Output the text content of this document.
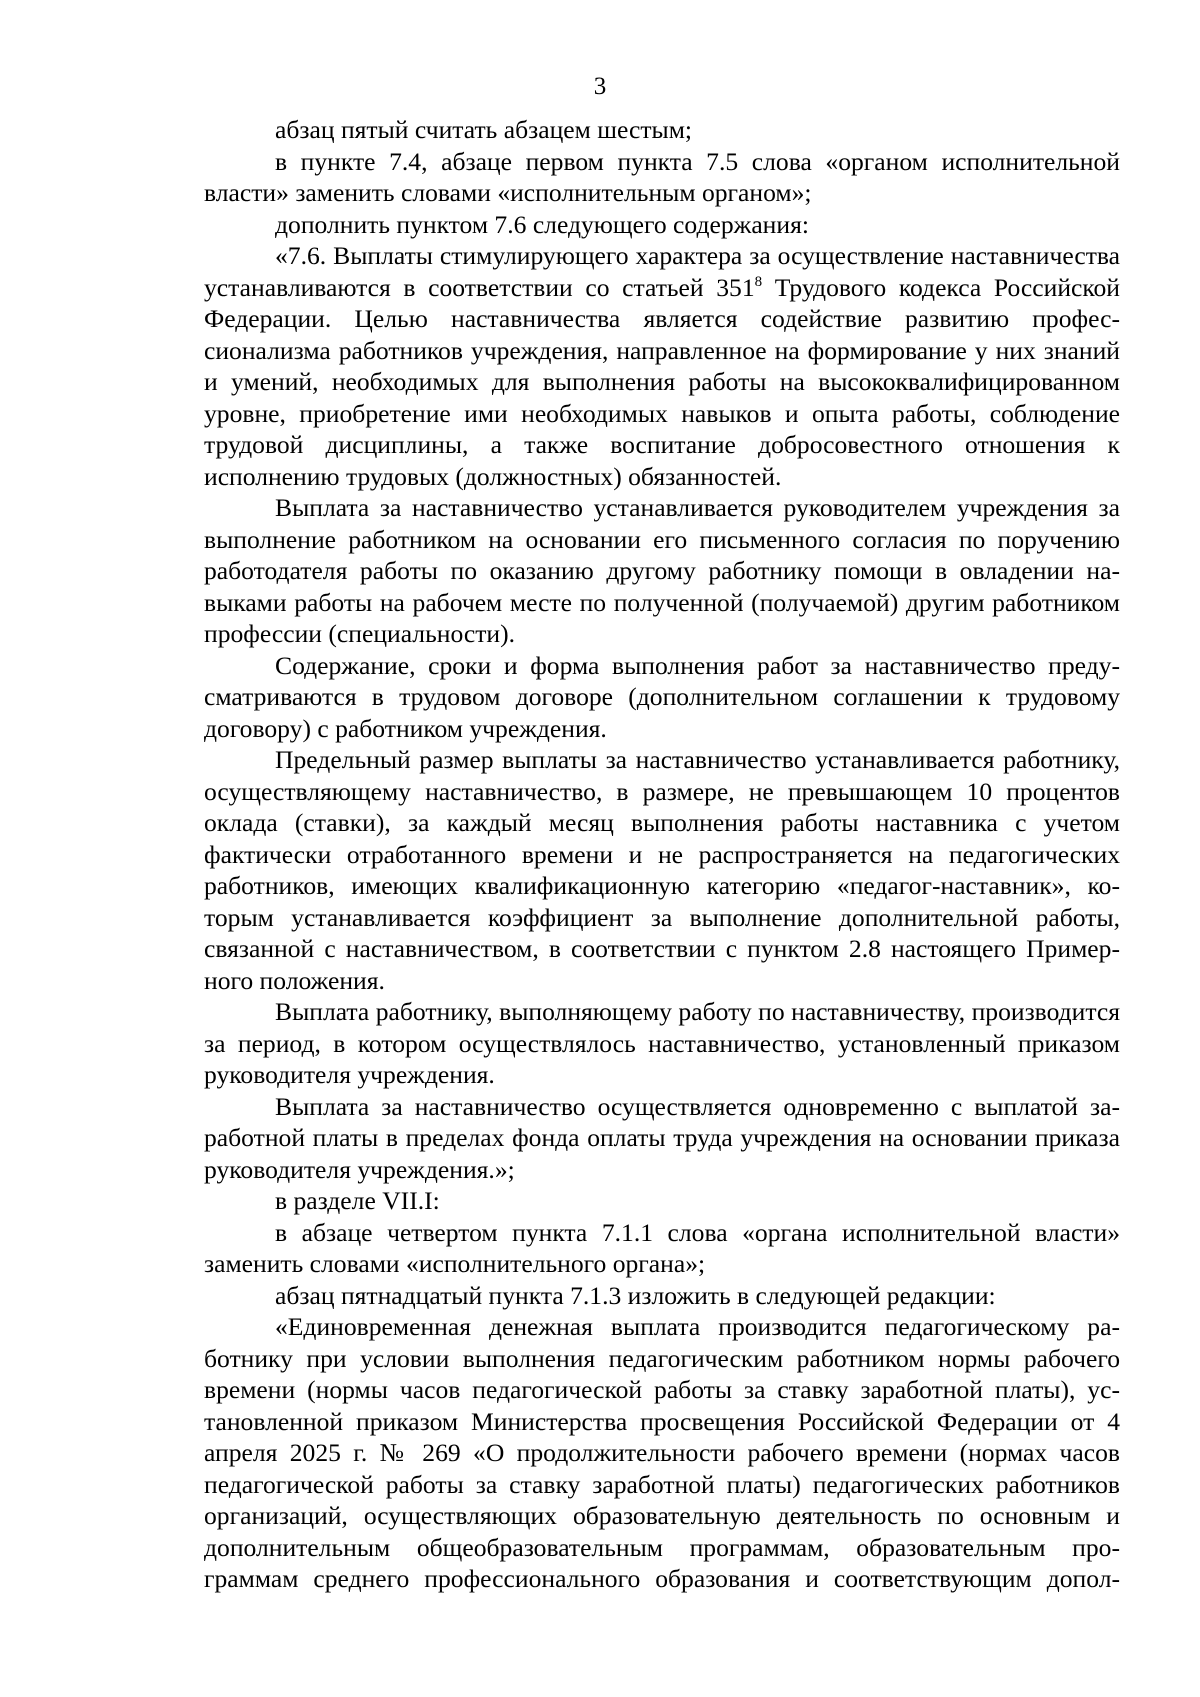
3

абзац пятый считать абзацем шестым;

в пункте 7.4, абзаце первом пункта 7.5 слова «органом исполнительной власти» заменить словами «исполнительным органом»;

дополнить пунктом 7.6 следующего содержания:

«7.6. Выплаты стимулирующего характера за осуществление наставничества устанавливаются в соответствии со статьей $351^8$ Трудового кодекса Российской Федерации. Целью наставничества является содействие развитию профессионализма работников учреждения, направленное на формирование у них знаний и умений, необходимых для выполнения работы на высококвалифицированном уровне, приобретение ими необходимых навыков и опыта работы, соблюдение трудовой дисциплины, а также воспитание добросовестного отношения к исполнению трудовых (должностных) обязанностей.

Выплата за наставничество устанавливается руководителем учреждения за выполнение работником на основании его письменного согласия по поручению работодателя работы по оказанию другому работнику помощи в овладении навыками работы на рабочем месте по полученной (получаемой) другим работником профессии (специальности).

Содержание, сроки и форма выполнения работ за наставничество предусматриваются в трудовом договоре (дополнительном соглашении к трудовому договору) с работником учреждения.

Предельный размер выплаты за наставничество устанавливается работнику, осуществляющему наставничество, в размере, не превышающем 10 процентов оклада (ставки), за каждый месяц выполнения работы наставника с учетом фактически отработанного времени и не распространяется на педагогических работников, имеющих квалификационную категорию «педагог-наставник», которым устанавливается коэффициент за выполнение дополнительной работы, связанной с наставничеством, в соответствии с пунктом 2.8 настоящего Примерного положения.

Выплата работнику, выполняющему работу по наставничеству, производится за период, в котором осуществлялось наставничество, установленный приказом руководителя учреждения.

Выплата за наставничество осуществляется одновременно с выплатой заработной платы в пределах фонда оплаты труда учреждения на основании приказа руководителя учреждения.»;

в разделе VII.I:

в абзаце четвертом пункта 7.1.1 слова «органа исполнительной власти» заменить словами «исполнительного органа»;

абзац пятнадцатый пункта 7.1.3 изложить в следующей редакции:

«Единовременная денежная выплата производится педагогическому работнику при условии выполнения педагогическим работником нормы рабочего времени (нормы часов педагогической работы за ставку заработной платы), установленной приказом Министерства просвещения Российской Федерации от 4 апреля 2025 г. № 269 «О продолжительности рабочего времени (нормах часов педагогической работы за ставку заработной платы) педагогических работников организаций, осуществляющих образовательную деятельность по основным и дополнительным общеобразовательным программам, образовательным программам среднего профессионального образования и соответствующим допол-
